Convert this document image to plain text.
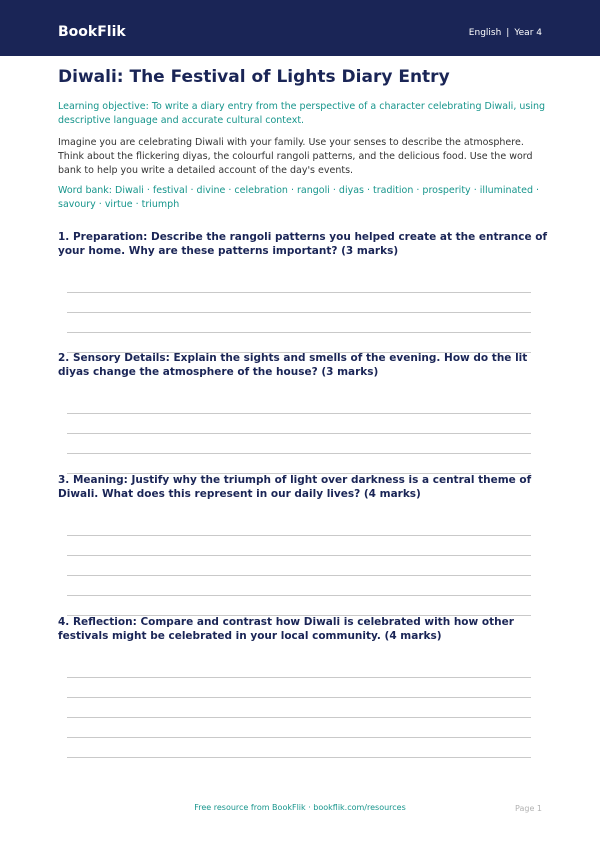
BookFlik	English | Year 4
Diwali: The Festival of Lights Diary Entry
Learning objective: To write a diary entry from the perspective of a character celebrating Diwali, using descriptive language and accurate cultural context.
Imagine you are celebrating Diwali with your family. Use your senses to describe the atmosphere. Think about the flickering diyas, the colourful rangoli patterns, and the delicious food. Use the word bank to help you write a detailed account of the day's events.
Word bank: Diwali · festival · divine · celebration · rangoli · diyas · tradition · prosperity · illuminated · savoury · virtue · triumph
1. Preparation: Describe the rangoli patterns you helped create at the entrance of your home. Why are these patterns important? (3 marks)
2. Sensory Details: Explain the sights and smells of the evening. How do the lit diyas change the atmosphere of the house? (3 marks)
3. Meaning: Justify why the triumph of light over darkness is a central theme of Diwali. What does this represent in our daily lives? (4 marks)
4. Reflection: Compare and contrast how Diwali is celebrated with how other festivals might be celebrated in your local community. (4 marks)
Free resource from BookFlik · bookflik.com/resources	Page 1
